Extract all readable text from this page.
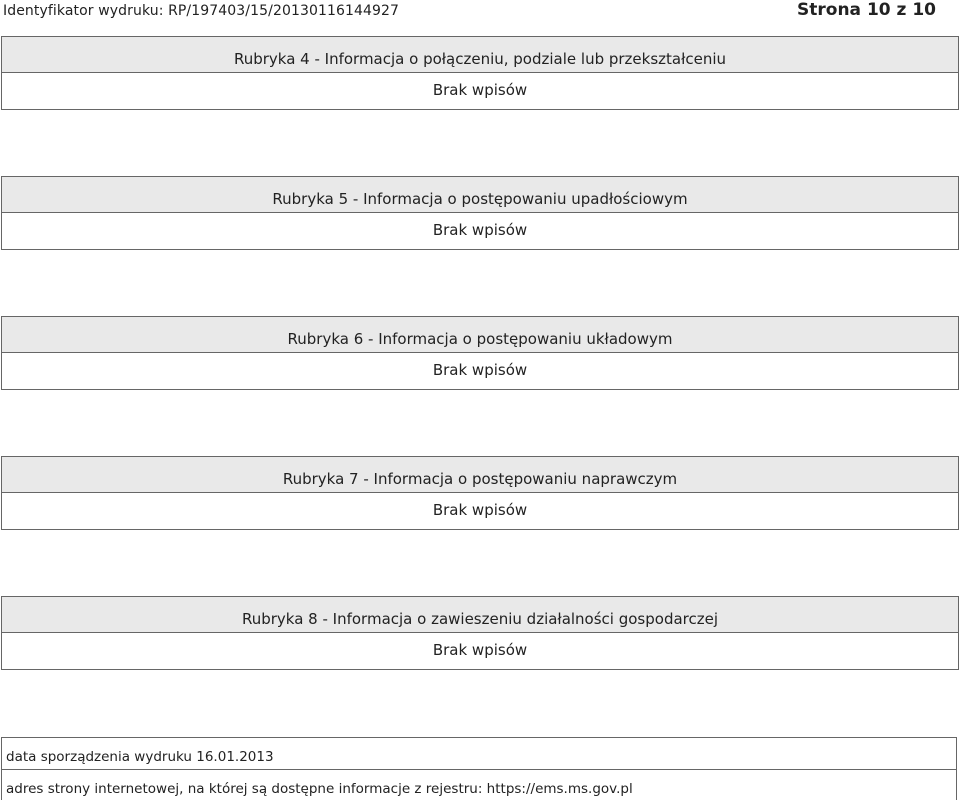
Identyfikator wydruku: RP/197403/15/20130116144927	Strona 10 z 10
Rubryka 4 - Informacja o połączeniu, podziale lub przekształceniu
Brak wpisów
Rubryka 5 - Informacja o postępowaniu upadłościowym
Brak wpisów
Rubryka 6 - Informacja o postępowaniu układowym
Brak wpisów
Rubryka 7 - Informacja o postępowaniu naprawczym
Brak wpisów
Rubryka 8 - Informacja o zawieszeniu działalności gospodarczej
Brak wpisów
data sporządzenia wydruku 16.01.2013
adres strony internetowej, na której są dostępne informacje z rejestru: https://ems.ms.gov.pl
